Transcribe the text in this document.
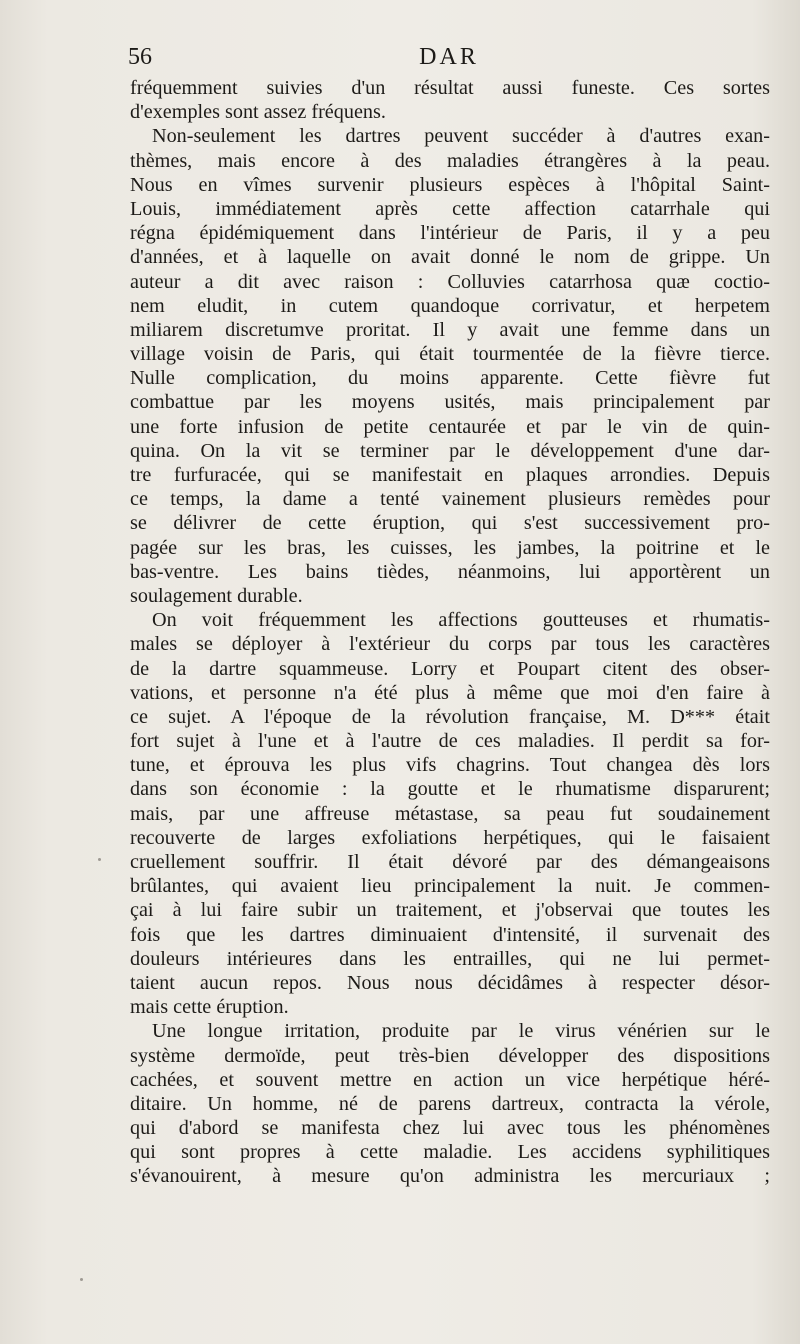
56	DAR
fréquemment suivies d'un résultat aussi funeste. Ces sortes
d'exemples sont assez fréquens.
Non-seulement les dartres peuvent succéder à d'autres exan-
thèmes, mais encore à des maladies étrangères à la peau.
Nous en vîmes survenir plusieurs espèces à l'hôpital Saint-
Louis, immédiatement après cette affection catarrhale qui
régna épidémiquement dans l'intérieur de Paris, il y a peu
d'années, et à laquelle on avait donné le nom de grippe. Un
auteur a dit avec raison : Colluvies catarrhosa quæ coctio-
nem eludit, in cutem quandoque corrivatur, et herpetem
miliarem discretumve proritat. Il y avait une femme dans un
village voisin de Paris, qui était tourmentée de la fièvre tierce.
Nulle complication, du moins apparente. Cette fièvre fut
combattue par les moyens usités, mais principalement par
une forte infusion de petite centaurée et par le vin de quin-
quina. On la vit se terminer par le développement d'une dar-
tre furfuracée, qui se manifestait en plaques arrondies. Depuis
ce temps, la dame a tenté vainement plusieurs remèdes pour
se délivrer de cette éruption, qui s'est successivement pro-
pagée sur les bras, les cuisses, les jambes, la poitrine et le
bas-ventre. Les bains tièdes, néanmoins, lui apportèrent un
soulagement durable.
On voit fréquemment les affections goutteuses et rhumatis-
males se déployer à l'extérieur du corps par tous les caractères
de la dartre squammeuse. Lorry et Poupart citent des obser-
vations, et personne n'a été plus à même que moi d'en faire à
ce sujet. A l'époque de la révolution française, M. D*** était
fort sujet à l'une et à l'autre de ces maladies. Il perdit sa for-
tune, et éprouva les plus vifs chagrins. Tout changea dès lors
dans son économie : la goutte et le rhumatisme disparurent;
mais, par une affreuse métastase, sa peau fut soudainement
recouverte de larges exfoliations herpétiques, qui le faisaient
cruellement souffrir. Il était dévoré par des démangeaisons
brûlantes, qui avaient lieu principalement la nuit. Je commen-
çai à lui faire subir un traitement, et j'observai que toutes les
fois que les dartres diminuaient d'intensité, il survenait des
douleurs intérieures dans les entrailles, qui ne lui permet-
taient aucun repos. Nous nous décidâmes à respecter désor-
mais cette éruption.
Une longue irritation, produite par le virus vénérien sur le
système dermoïde, peut très-bien développer des dispositions
cachées, et souvent mettre en action un vice herpétique héré-
ditaire. Un homme, né de parens dartreux, contracta la vérole,
qui d'abord se manifesta chez lui avec tous les phénomènes
qui sont propres à cette maladie. Les accidens syphilitiques
s'évanouirent, à mesure qu'on administra les mercuriaux ;
